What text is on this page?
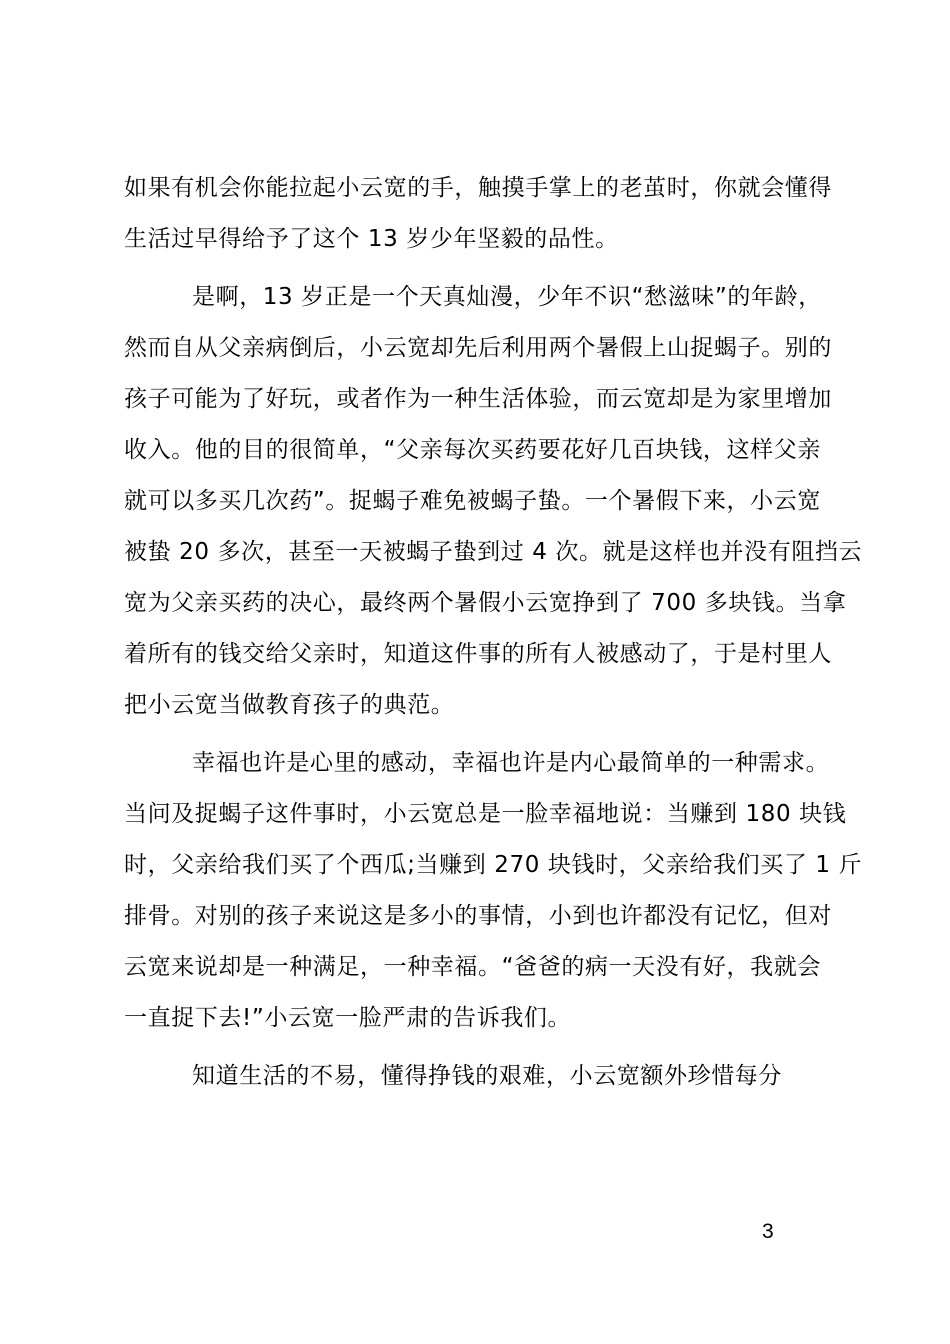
如果有机会你能拉起小云宽的手，触摸手掌上的老茧时，你就会懂得
生活过早得给予了这个 13 岁少年坚毅的品性。
是啊，13 岁正是一个天真灿漫，少年不识“愁滋味”的年龄，
然而自从父亲病倒后，小云宽却先后利用两个暑假上山捉蝎子。别的
孩子可能为了好玩，或者作为一种生活体验，而云宽却是为家里增加
收入。他的目的很简单，“父亲每次买药要花好几百块钱，这样父亲
就可以多买几次药”。捉蝎子难免被蝎子蛰。一个暑假下来，小云宽
被蛰 20 多次，甚至一天被蝎子蛰到过 4 次。就是这样也并没有阻挡云
宽为父亲买药的决心，最终两个暑假小云宽挣到了 700 多块钱。当拿
着所有的钱交给父亲时，知道这件事的所有人被感动了，于是村里人
把小云宽当做教育孩子的典范。
幸福也许是心里的感动，幸福也许是内心最简单的一种需求。
当问及捉蝎子这件事时，小云宽总是一脸幸福地说：当赚到 180 块钱
时，父亲给我们买了个西瓜;当赚到 270 块钱时，父亲给我们买了 1 斤
排骨。对别的孩子来说这是多小的事情，小到也许都没有记忆，但对
云宽来说却是一种满足，一种幸福。“爸爸的病一天没有好，我就会
一直捉下去!”小云宽一脸严肃的告诉我们。
知道生活的不易，懂得挣钱的艰难，小云宽额外珍惜每分
3
